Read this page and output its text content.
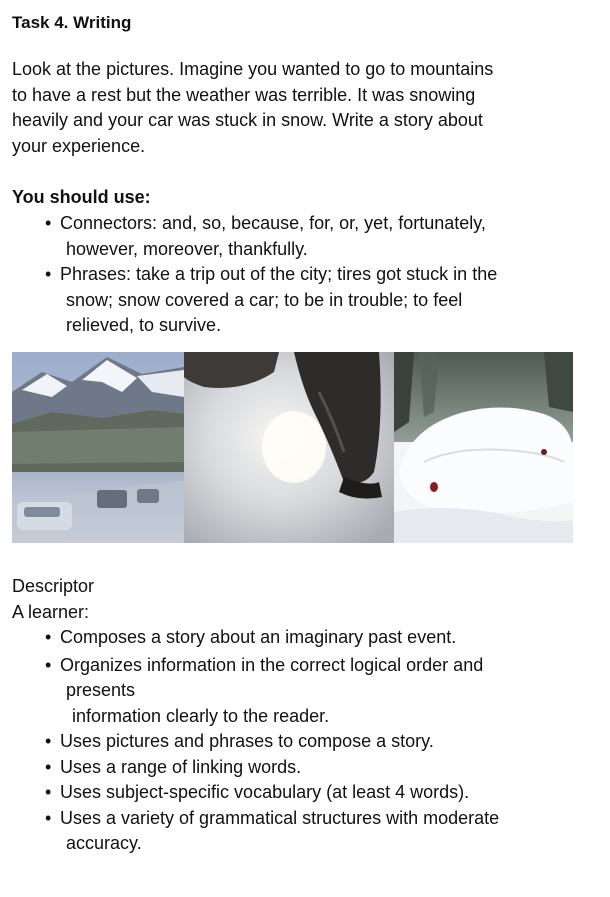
Task 4. Writing
Look at the pictures. Imagine you wanted to go to mountains
to have a rest but the weather was terrible. It was snowing
heavily and your car was stuck in snow. Write a story about
your experience.
You should use:
• Connectors: and, so, because, for, or, yet, fortunately,
however, moreover, thankfully.
• Phrases: take a trip out of the city; tires got stuck in the
snow; snow covered a car; to be in trouble; to feel
relieved, to survive.
Descriptor
A learner:
• Composes a story about an imaginary past event.
• Organizes information in the correct logical order and
presents
information clearly to the reader.
• Uses pictures and phrases to compose a story.
• Uses a range of linking words.
• Uses subject-specific vocabulary (at least 4 words).
• Uses a variety of grammatical structures with moderate
accuracy.
